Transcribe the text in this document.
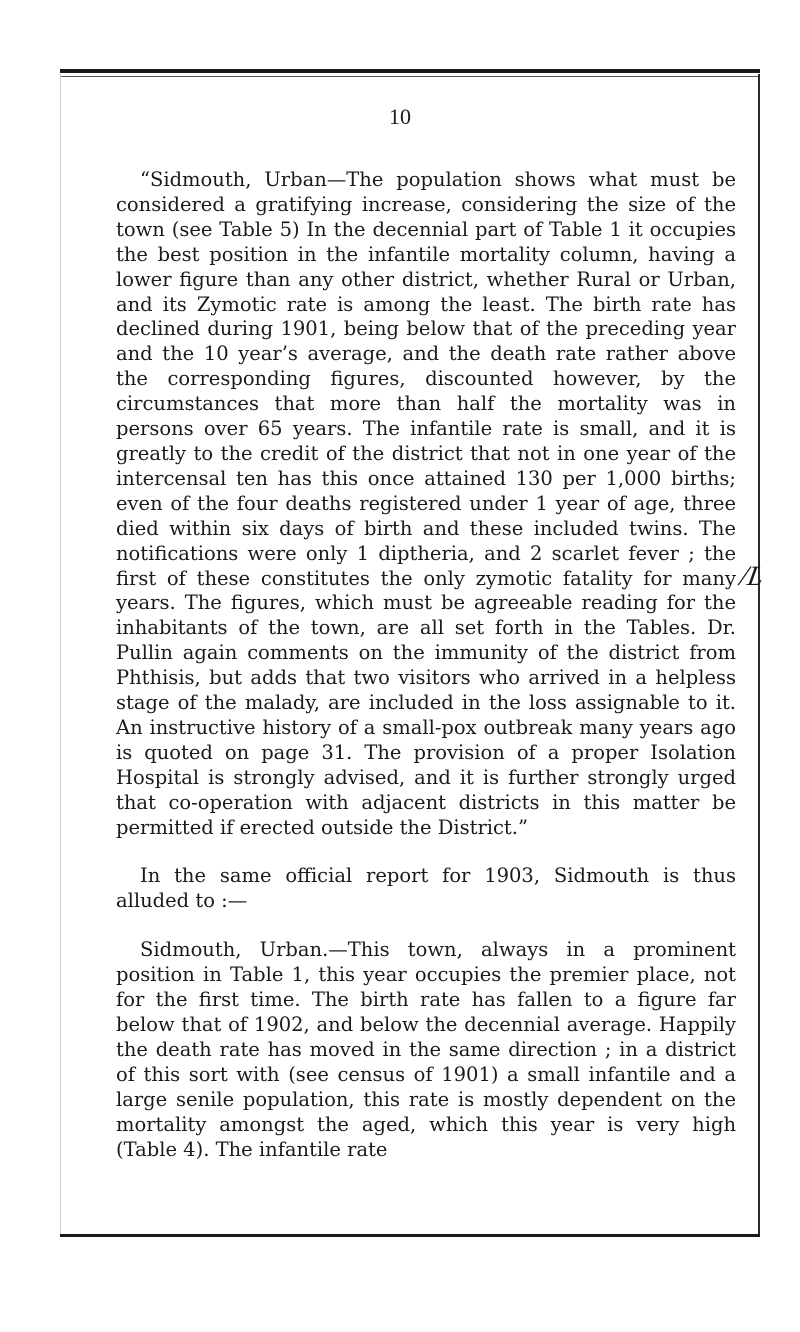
10

“Sidmouth, Urban—The population shows what must be considered a gratifying increase, considering the size of the town (see Table 5) In the decennial part of Table 1 it occupies the best position in the infantile mortality column, having a lower figure than any other district, whether Rural or Urban, and its Zymotic rate is among the least. The birth rate has declined during 1901, being below that of the preceding year and the 10 year’s average, and the death rate rather above the corresponding figures, discounted however, by the circumstances that more than half the mortality was in persons over 65 years. The infantile rate is small, and it is greatly to the credit of the district that not in one year of the intercensal ten has this once attained 130 per 1,000 births; even of the four deaths registered under 1 year of age, three died within six days of birth and these included twins. The notifications were only 1 diptheria, and 2 scarlet fever ; the first of these constitutes the only zymotic fatality for many years. The figures, which must be agreeable reading for the inhabitants of the town, are all set forth in the Tables. Dr. Pullin again comments on the immunity of the district from Phthisis, but adds that two visitors who arrived in a helpless stage of the malady, are included in the loss assignable to it. An instructive history of a small-pox outbreak many years ago is quoted on page 31. The provision of a proper Isolation Hospital is strongly advised, and it is further strongly urged that co-operation with adjacent districts in this matter be permitted if erected outside the District.”

In the same official report for 1903, Sidmouth is thus alluded to :—

Sidmouth, Urban.—This town, always in a prominent position in Table 1, this year occupies the premier place, not for the first time. The birth rate has fallen to a figure far below that of 1902, and below the decennial average. Happily the death rate has moved in the same direction ; in a district of this sort with (see census of 1901) a small infantile and a large senile population, this rate is mostly dependent on the mortality amongst the aged, which this year is very high (Table 4). The infantile rate

/L
